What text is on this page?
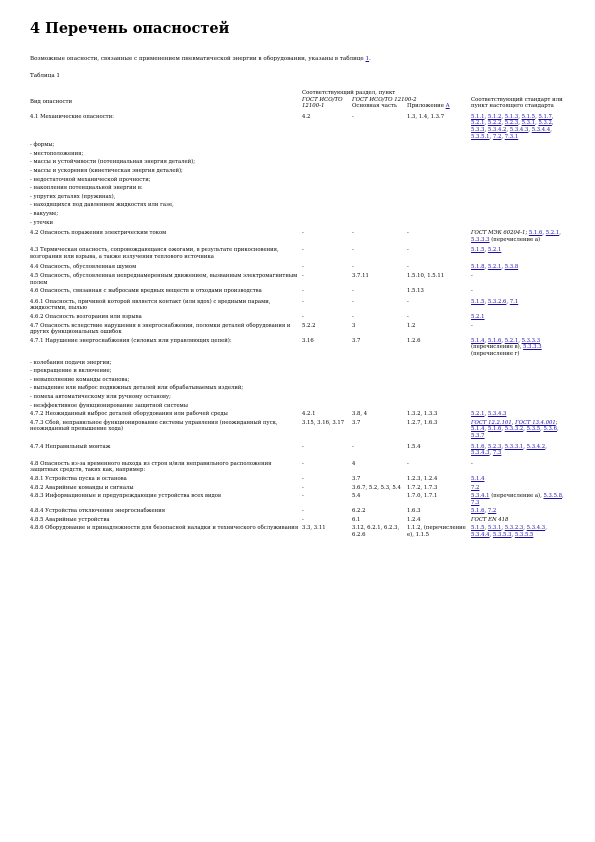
4 Перечень опасностей
Возможные опасности, связанные с применением пневматической энергии в оборудовании, указаны в таблице 1.
Таблица 1
Вид опасности	Соответствующий раздел, пункт			
	ГОСТ ИСО/ТО 12100-1	ГОСТ ИСО/ТО 12100-2		Соответствующий стандарт или пункт настоящего стандарта
		Основная часть	Приложение А	
4.1 Механические опасности:	4.2	-	1.3, 1.4, 1.3.7	5.1.1, 5.1.2, 5.1.3, 5.1.5, 5.1.7, 5.2.1, 5.2.2, 5.2.3, 5.3.1, 5.3.2, 5.3.3, 5.3.4.2, 5.3.4.3, 5.3.4.4, 5.3.5.1, 7.2, 7.3.1
- формы;				
- местоположения;				
- массы и устойчивости (потенциальная энергия деталей);				
- массы и ускорения (кинетическая энергия деталей);				
- недостаточной механической прочности;				
- накопления потенциальной энергии в:				
- упругих деталях (пружинах),				
- находящихся под давлением жидкостях или газе,				
- вакууме;				
- утечки				
4.2 Опасность поражения электрическим током	-	-	-	ГОСТ МЭК 60204-1; 5.1.6, 5.2.1, 5.3.3.3 (перечисление а)
4.3 Термическая опасность, сопровождающаяся ожогами, в результате прикосновения, возгорания или взрыва, а также излучения теплового источника	-	-	-	5.1.5, 5.2.1
4.4 Опасность, обусловленная шумом	-	-	-	5.1.8, 5.2.1, 5.3.8
4.5 Опасность, обусловленная непреднамеренным движением, вызванным электромагнитным полем	-	3.7.11	1.5.10, 1.5.11	-
4.6 Опасность, связанная с выбросами вредных веществ и отходами производства	-	-	1.5.13	-
4.6.1 Опасность, причиной которой является контакт (или вдох) с вредными парами, жидкостями, пылью	-	-	-	5.1.5, 5.3.2.6, 7.1
4.6.2 Опасность возгорания или взрыва	-	-	-	5.2.1
4.7 Опасность вследствие нарушения в энергоснабжении, поломки деталей оборудования и других функциональных ошибок	5.2.2	3	1.2	-
4.7.1 Нарушение энергоснабжения (силовых или управляющих цепей):	3.16	3.7	1.2.6	5.1.4, 5.1.6, 5.2.1, 5.3.3.3 (перечисление в), 5.3.3.3 (перечисление г)
- колебания подачи энергии;				
- прекращение и включение;				
- невыполнение команды останова;				
- выпадение или выброс подвижных деталей или обрабатываемых изделий;				
- помеха автоматическому или ручному останову;				
- неэффективное функционирование защитной системы				
4.7.2 Неожиданный выброс деталей оборудования или рабочей среды	4.2.1	3.8, 4	1.3.2, 1.3.3	5.2.1, 5.3.4.3
4.7.3 Сбой, неправильное функционирование системы управления (неожиданный пуск, неожиданный превышение хода)	3.15, 3.16, 3.17	3.7	1.2.7, 1.6.3	ГОСТ 12.2.101, ГОСТ 13.4.001; 5.1.4, 5.1.6, 5.3.3.2, 5.3.5, 5.3.6, 5.3.7
4.7.4 Неправильный монтаж	-	-	1.5.4	5.1.6, 5.2.3, 5.3.3.1, 5.3.4.2, 5.3.4.3, 7.3
4.8 Опасность из-за временного выхода из строя и/или неправильного расположения защитных средств, таких как, например:	-	4	-	-
4.8.1 Устройства пуска и останова	-	3.7	1.2.3, 1.2.4	5.1.4
4.8.2 Аварийные команды и сигналы	-	3.6.7, 5.2, 5.3, 5.4	1.7.2, 1.7.3	7.2
4.8.3 Информационные и предупреждающие устройства всех видов	-	5.4	1.7.0, 1.7.1	5.3.4.1 (перечисление а), 5.3.5.8, 7.3
4.8.4 Устройства отключения энергоснабжения	-	6.2.2	1.6.3	5.1.6, 7.2
4.8.5 Аварийные устройства	-	6.1	1.2.4	ГОСТ EN 418
4.8.6 Оборудование и принадлежности для безопасной наладки и технического обслуживания	3.3, 3.11	3.12, 6.2.1, 6.2.3, 6.2.6	1.1.2, (перечисление е), 1.1.5	5.1.5, 5.3.1, 5.3.2.3, 5.3.4.3, 5.3.4.4, 5.3.5.3, 5.3.5.5
